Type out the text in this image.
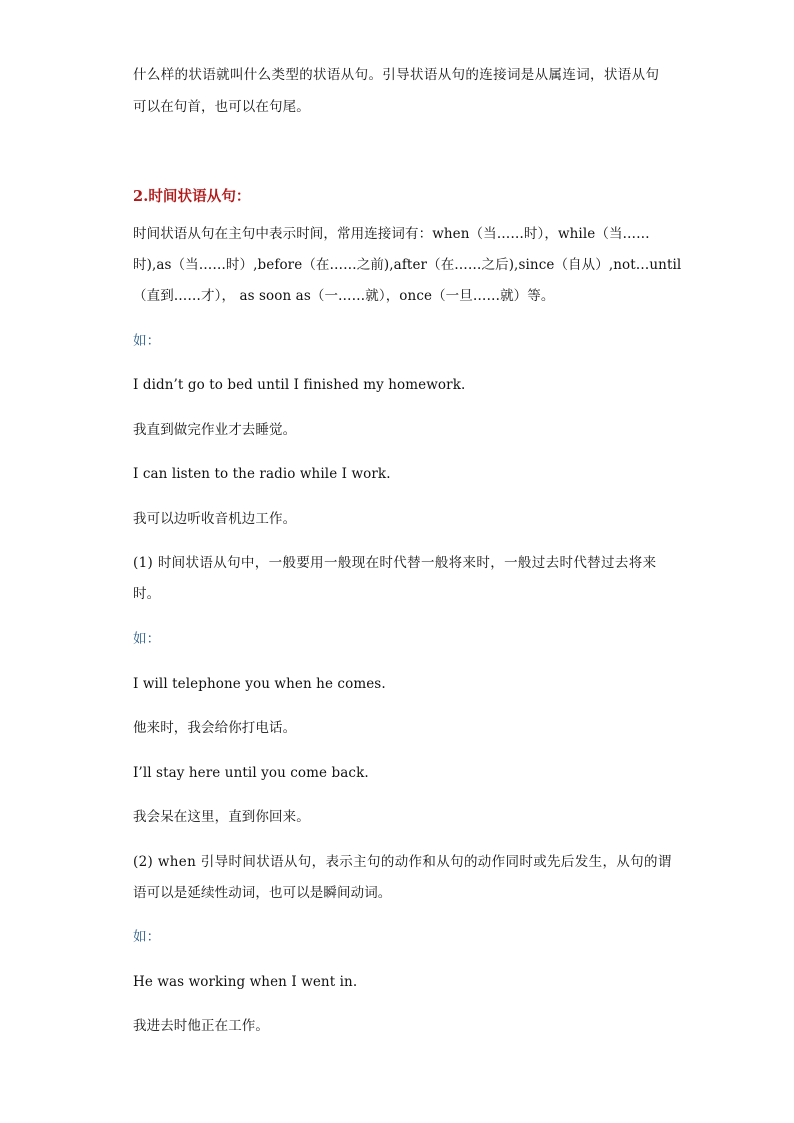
什么样的状语就叫什么类型的状语从句。引导状语从句的连接词是从属连词，状语从句
可以在句首，也可以在句尾。
2.时间状语从句：
时间状语从句在主句中表示时间，常用连接词有：when（当……时），while（当……
时),as（当……时）,before（在……之前),after（在……之后),since（自从）,not…until
（直到……才）， as soon as（一……就），once（一旦……就）等。
如：
I didn’t go to bed until I finished my homework.
我直到做完作业才去睡觉。
I can listen to the radio while I work.
我可以边听收音机边工作。
(1) 时间状语从句中，一般要用一般现在时代替一般将来时，一般过去时代替过去将来
时。
如：
I will telephone you when he comes.
他来时，我会给你打电话。
I’ll stay here until you come back.
我会呆在这里，直到你回来。
(2) when 引导时间状语从句，表示主句的动作和从句的动作同时或先后发生，从句的谓
语可以是延续性动词，也可以是瞬间动词。
如：
He was working when I went in.
我进去时他正在工作。
